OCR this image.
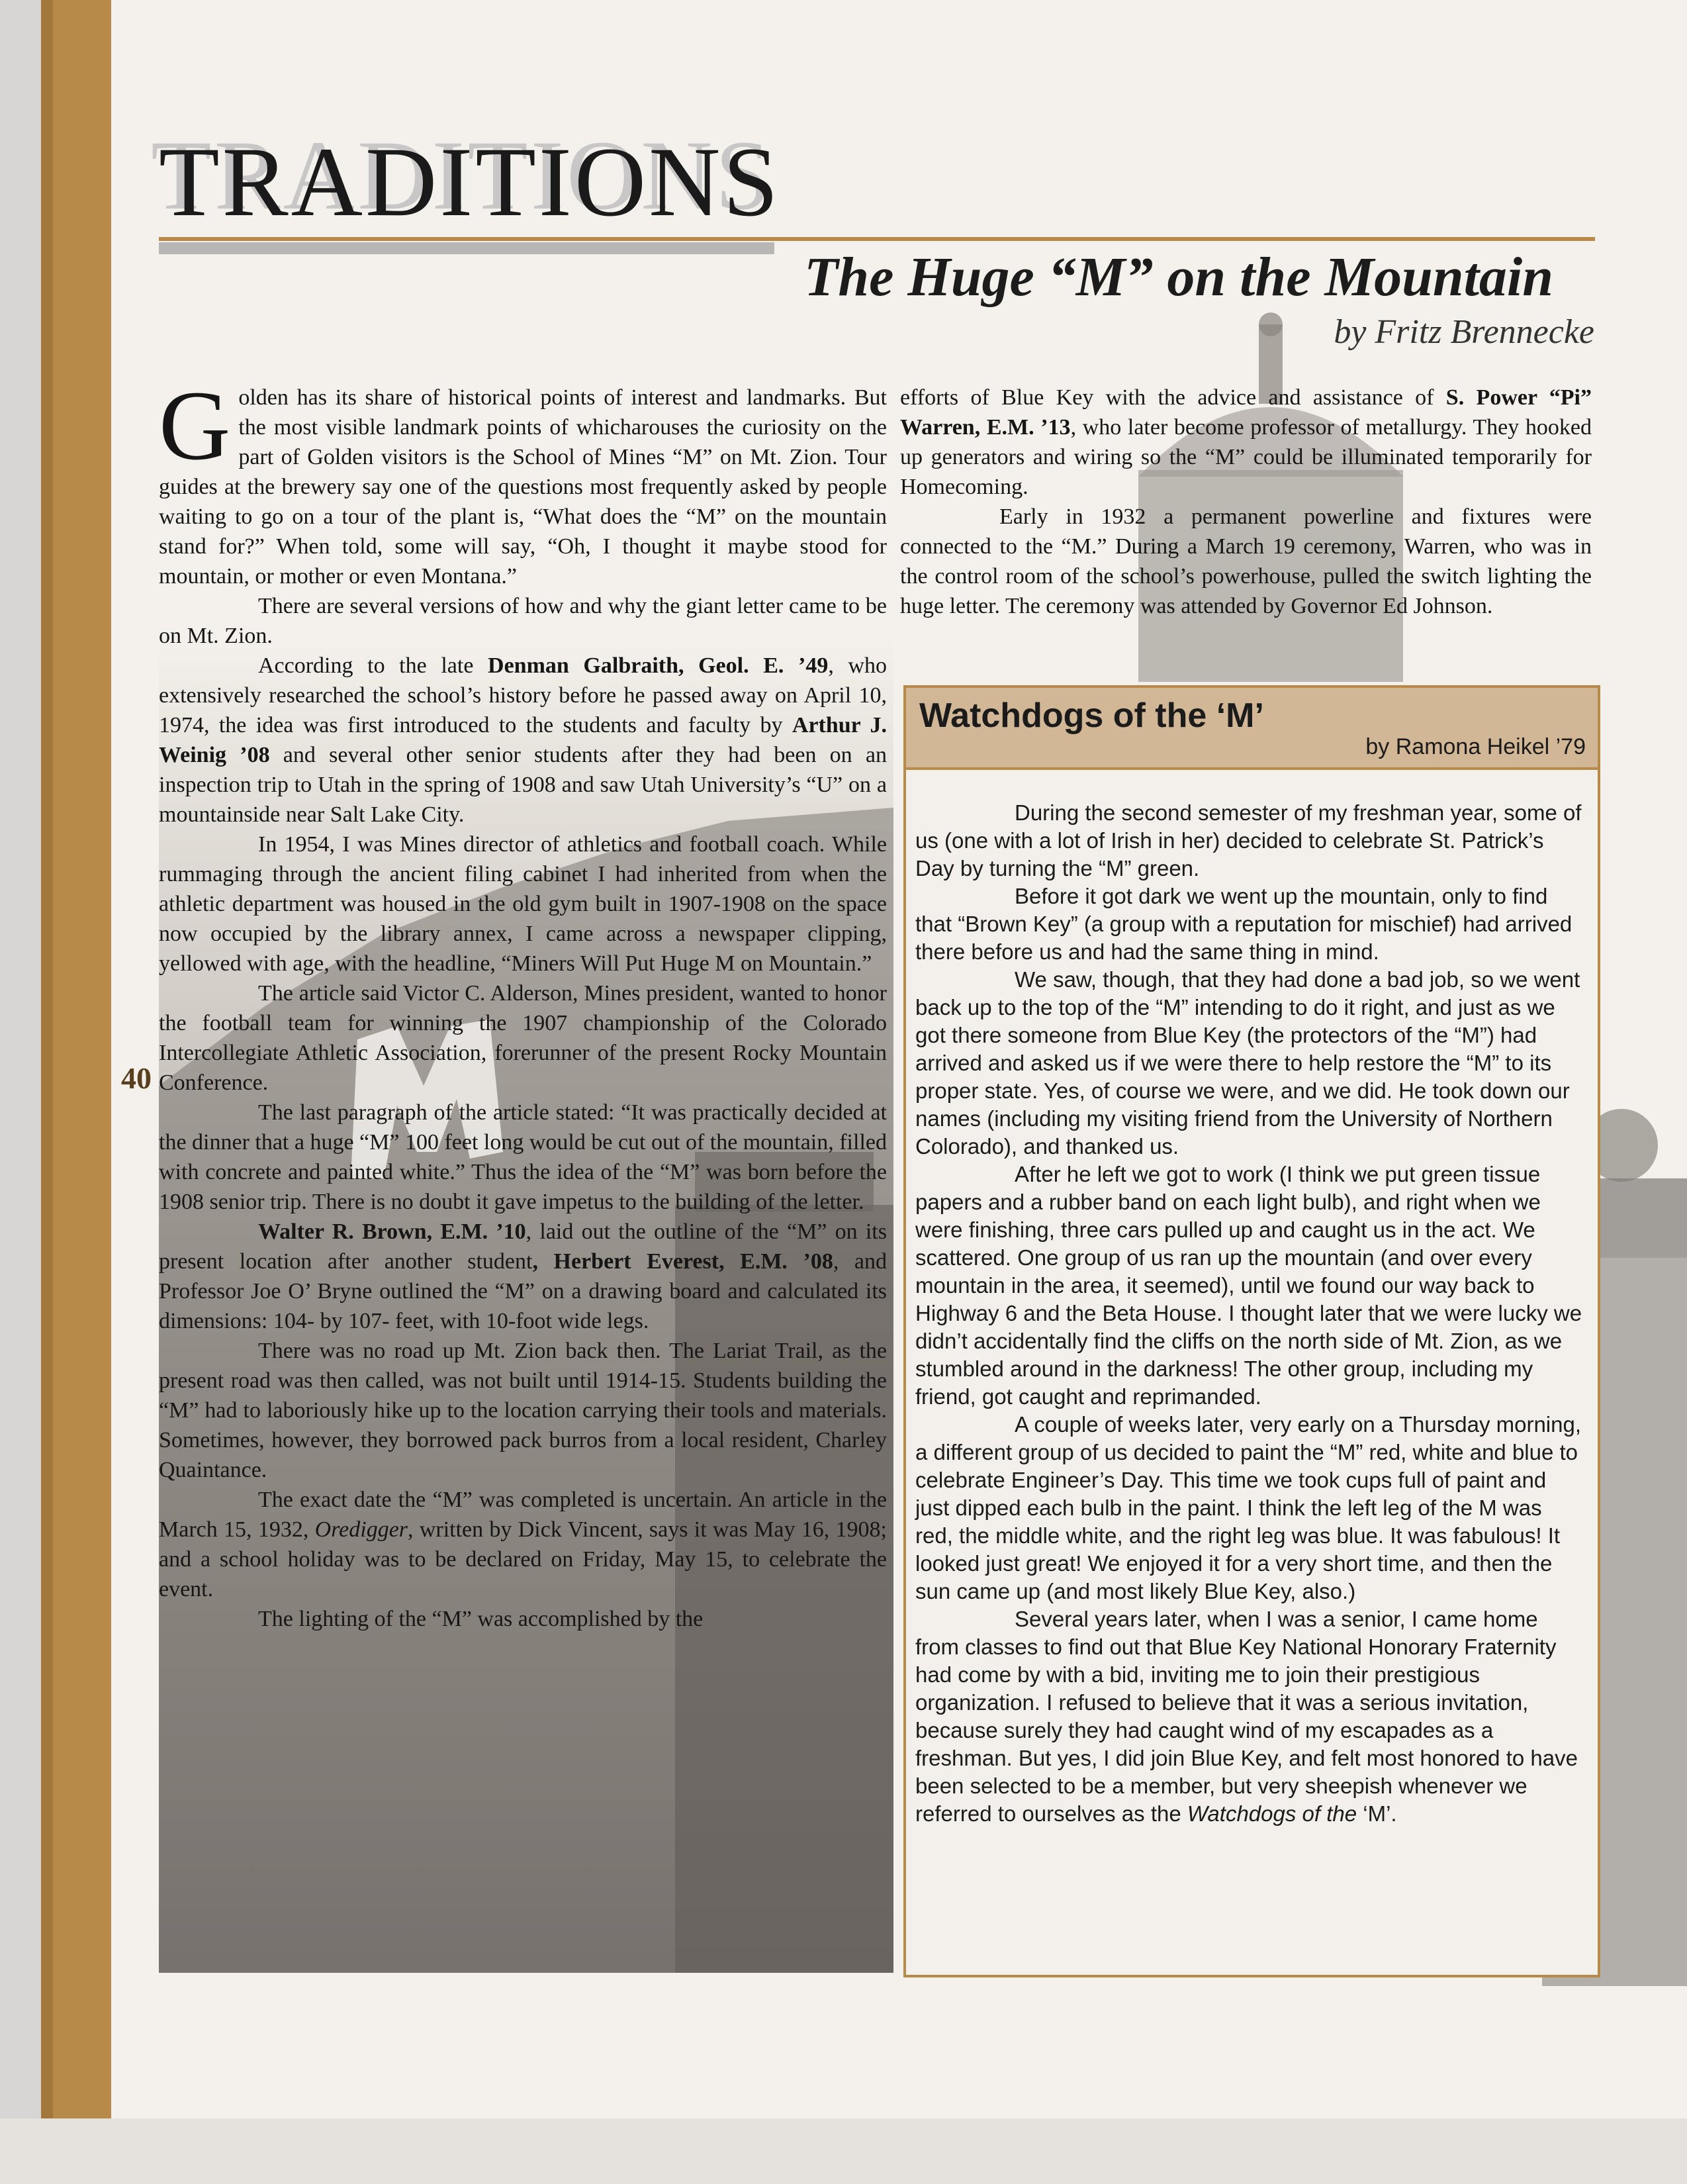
40
TRADITIONS
The Huge “M” on the Mountain
by Fritz Brennecke

Golden has its share of historical points of interest and landmarks. But the most visible landmark points of whicharouses the curiosity on the part of Golden visitors is the School of Mines “M” on Mt. Zion. Tour guides at the brewery say one of the questions most frequently asked by people waiting to go on a tour of the plant is, “What does the “M” on the mountain stand for?” When told, some will say, “Oh, I thought it maybe stood for mountain, or mother or even Montana.”

There are several versions of how and why the giant letter came to be on Mt. Zion.

According to the late Denman Galbraith, Geol. E. ’49, who extensively researched the school’s history before he passed away on April 10, 1974, the idea was first introduced to the students and faculty by Arthur J. Weinig ’08 and several other senior students after they had been on an inspection trip to Utah in the spring of 1908 and saw Utah University’s “U” on a mountainside near Salt Lake City.

In 1954, I was Mines director of athletics and football coach. While rummaging through the ancient filing cabinet I had inherited from when the athletic department was housed in the old gym built in 1907-1908 on the space now occupied by the library annex, I came across a newspaper clipping, yellowed with age, with the headline, “Miners Will Put Huge M on Mountain.”

The article said Victor C. Alderson, Mines president, wanted to honor the football team for winning the 1907 championship of the Colorado Intercollegiate Athletic Association, forerunner of the present Rocky Mountain Conference.

The last paragraph of the article stated: “It was practically decided at the dinner that a huge “M” 100 feet long would be cut out of the mountain, filled with concrete and painted white.” Thus the idea of the “M” was born before the 1908 senior trip. There is no doubt it gave impetus to the building of the letter.

Walter R. Brown, E.M. ’10, laid out the outline of the “M” on its present location after another student, Herbert Everest, E.M. ’08, and Professor Joe O’ Bryne outlined the “M” on a drawing board and calculated its dimensions: 104- by 107- feet, with 10-foot wide legs.

There was no road up Mt. Zion back then. The Lariat Trail, as the present road was then called, was not built until 1914-15. Students building the “M” had to laboriously hike up to the location carrying their tools and materials. Sometimes, however, they borrowed pack burros from a local resident, Charley Quaintance.

The exact date the “M” was completed is uncertain. An article in the March 15, 1932, Oredigger, written by Dick Vincent, says it was May 16, 1908; and a school holiday was to be declared on Friday, May 15, to celebrate the event.

The lighting of the “M” was accomplished by the

efforts of Blue Key with the advice and assistance of S. Power “Pi” Warren, E.M. ’13, who later become professor of metallurgy. They hooked up generators and wiring so the “M” could be illuminated temporarily for Homecoming.

Early in 1932 a permanent powerline and fixtures were connected to the “M.” During a March 19 ceremony, Warren, who was in the control room of the school’s powerhouse, pulled the switch lighting the huge letter. The ceremony was attended by Governor Ed Johnson.

Watchdogs of the ‘M’
by Ramona Heikel ’79

During the second semester of my freshman year, some of us (one with a lot of Irish in her) decided to celebrate St. Patrick’s Day by turning the “M” green.

Before it got dark we went up the mountain, only to find that “Brown Key” (a group with a reputation for mischief) had arrived there before us and had the same thing in mind.

We saw, though, that they had done a bad job, so we went back up to the top of the “M” intending to do it right, and just as we got there someone from Blue Key (the protectors of the “M”) had arrived and asked us if we were there to help restore the “M” to its proper state. Yes, of course we were, and we did. He took down our names (including my visiting friend from the University of Northern Colorado), and thanked us.

After he left we got to work (I think we put green tissue papers and a rubber band on each light bulb), and right when we were finishing, three cars pulled up and caught us in the act. We scattered. One group of us ran up the mountain (and over every mountain in the area, it seemed), until we found our way back to Highway 6 and the Beta House. I thought later that we were lucky we didn’t accidentally find the cliffs on the north side of Mt. Zion, as we stumbled around in the darkness! The other group, including my friend, got caught and reprimanded.

A couple of weeks later, very early on a Thursday morning, a different group of us decided to paint the “M” red, white and blue to celebrate Engineer’s Day. This time we took cups full of paint and just dipped each bulb in the paint. I think the left leg of the M was red, the middle white, and the right leg was blue. It was fabulous! It looked just great! We enjoyed it for a very short time, and then the sun came up (and most likely Blue Key, also.)

Several years later, when I was a senior, I came home from classes to find out that Blue Key National Honorary Fraternity had come by with a bid, inviting me to join their prestigious organization. I refused to believe that it was a serious invitation, because surely they had caught wind of my escapades as a freshman. But yes, I did join Blue Key, and felt most honored to have been selected to be a member, but very sheepish whenever we referred to ourselves as the Watchdogs of the ‘M’.
